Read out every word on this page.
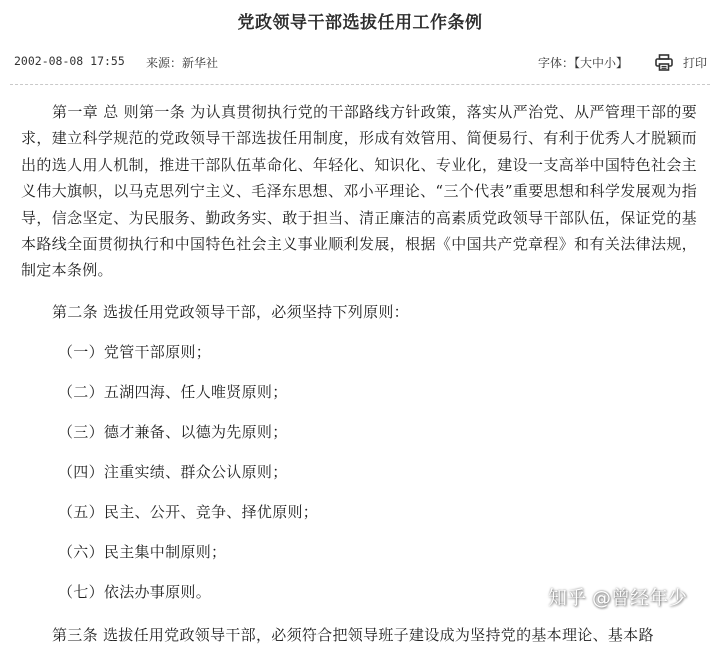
党政领导干部选拔任用工作条例
2002-08-08 17:55 来源：新华社	字体：【大中小】	打印

第一章 总 则第一条 为认真贯彻执行党的干部路线方针政策，落实从严治党、从严管理干部的要求，建立科学规范的党政领导干部选拔任用制度，形成有效管用、简便易行、有利于优秀人才脱颖而出的选人用人机制，推进干部队伍革命化、年轻化、知识化、专业化，建设一支高举中国特色社会主义伟大旗帜，以马克思列宁主义、毛泽东思想、邓小平理论、“三个代表”重要思想和科学发展观为指导，信念坚定、为民服务、勤政务实、敢于担当、清正廉洁的高素质党政领导干部队伍，保证党的基本路线全面贯彻执行和中国特色社会主义事业顺利发展，根据《中国共产党章程》和有关法律法规，制定本条例。

第二条 选拔任用党政领导干部，必须坚持下列原则：

（一）党管干部原则；

（二）五湖四海、任人唯贤原则；

（三）德才兼备、以德为先原则；

（四）注重实绩、群众公认原则；

（五）民主、公开、竞争、择优原则；

（六）民主集中制原则；

（七）依法办事原则。

第三条 选拔任用党政领导干部，必须符合把领导班子建设成为坚持党的基本理论、基本路

知乎 @曾经年少
